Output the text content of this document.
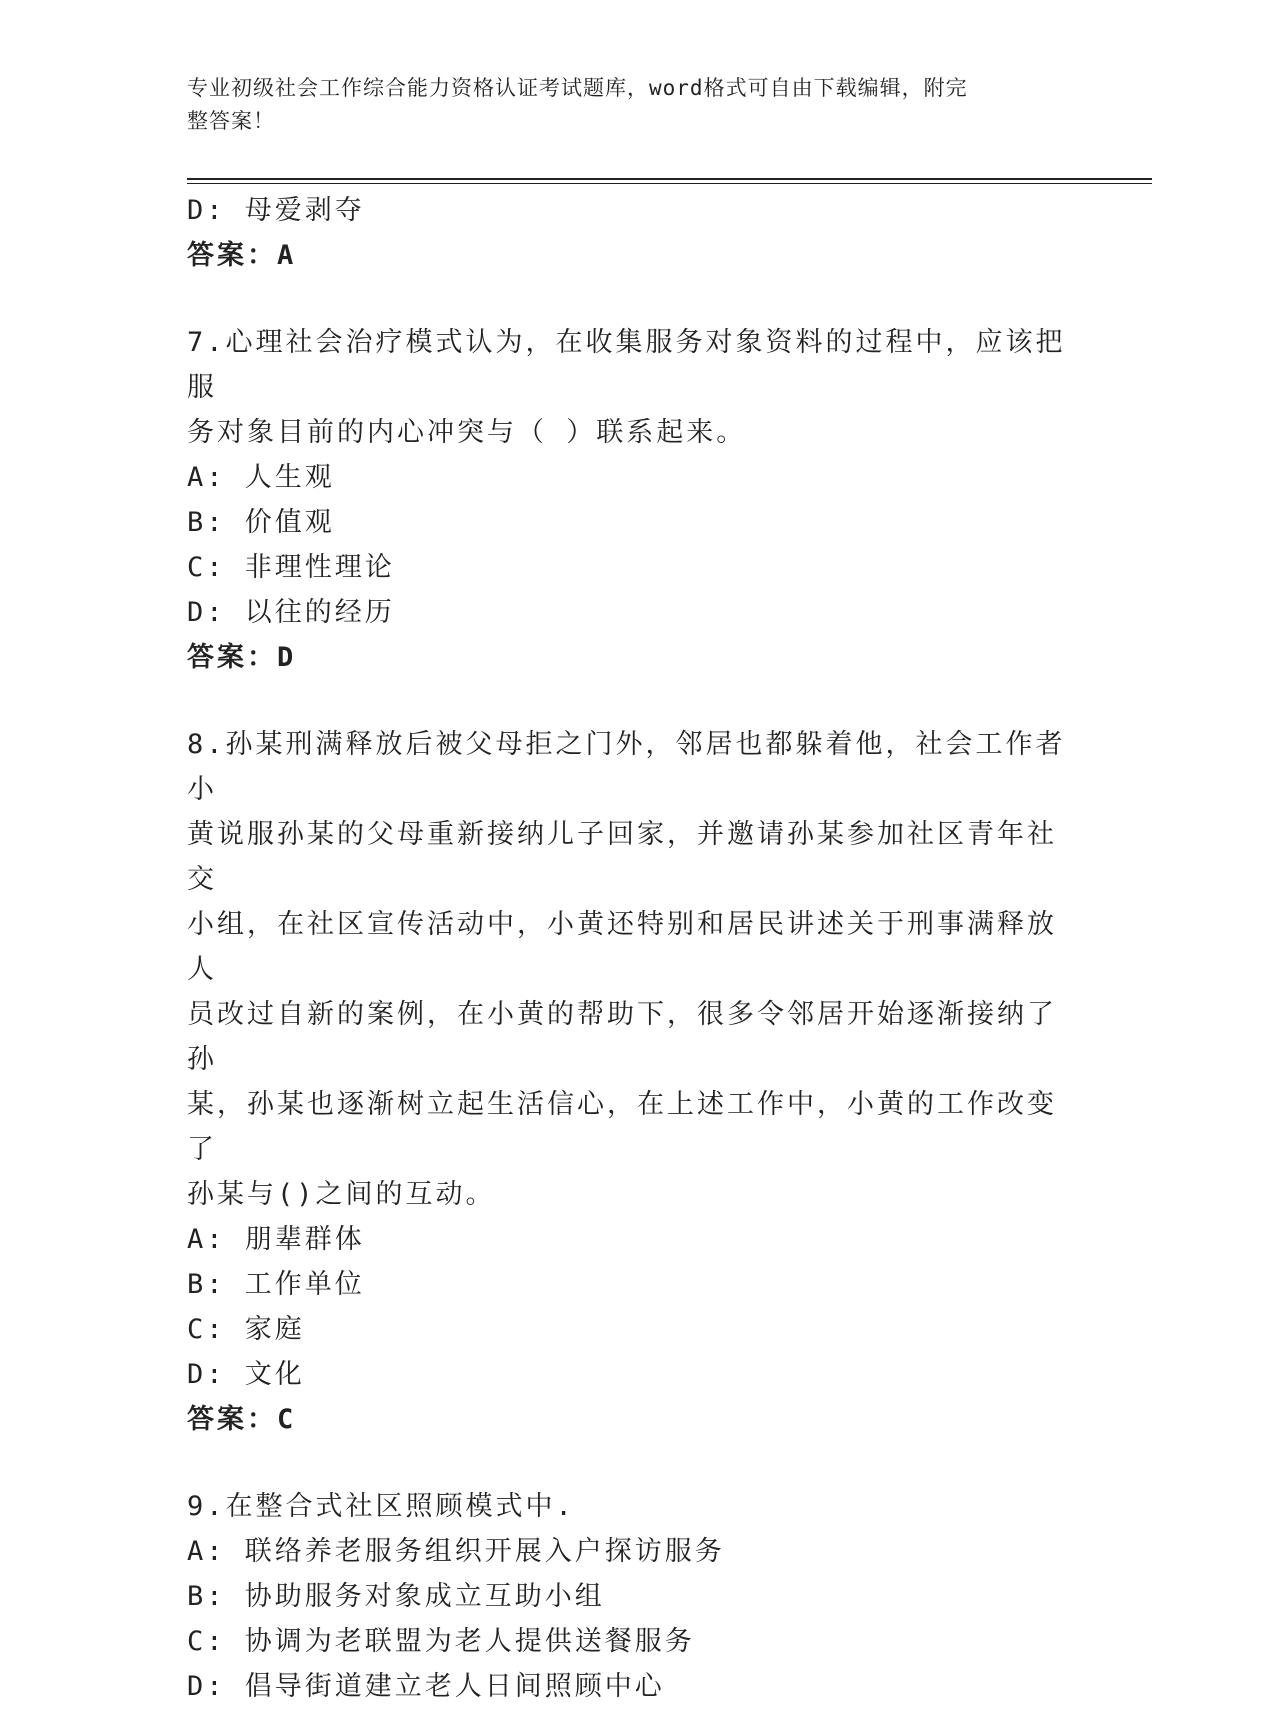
专业初级社会工作综合能力资格认证考试题库，word格式可自由下载编辑，附完
整答案！
D: 母爱剥夺
答案：A
7.心理社会治疗模式认为，在收集服务对象资料的过程中，应该把服
务对象目前的内心冲突与（ ）联系起来。
A: 人生观
B: 价值观
C: 非理性理论
D: 以往的经历
答案：D
8.孙某刑满释放后被父母拒之门外，邻居也都躲着他，社会工作者小
黄说服孙某的父母重新接纳儿子回家，并邀请孙某参加社区青年社交
小组，在社区宣传活动中，小黄还特别和居民讲述关于刑事满释放人
员改过自新的案例，在小黄的帮助下，很多令邻居开始逐渐接纳了孙
某，孙某也逐渐树立起生活信心，在上述工作中，小黄的工作改变了
孙某与()之间的互动。
A: 朋辈群体
B: 工作单位
C: 家庭
D: 文化
答案：C
9.在整合式社区照顾模式中.
A: 联络养老服务组织开展入户探访服务
B: 协助服务对象成立互助小组
C: 协调为老联盟为老人提供送餐服务
D: 倡导街道建立老人日间照顾中心
